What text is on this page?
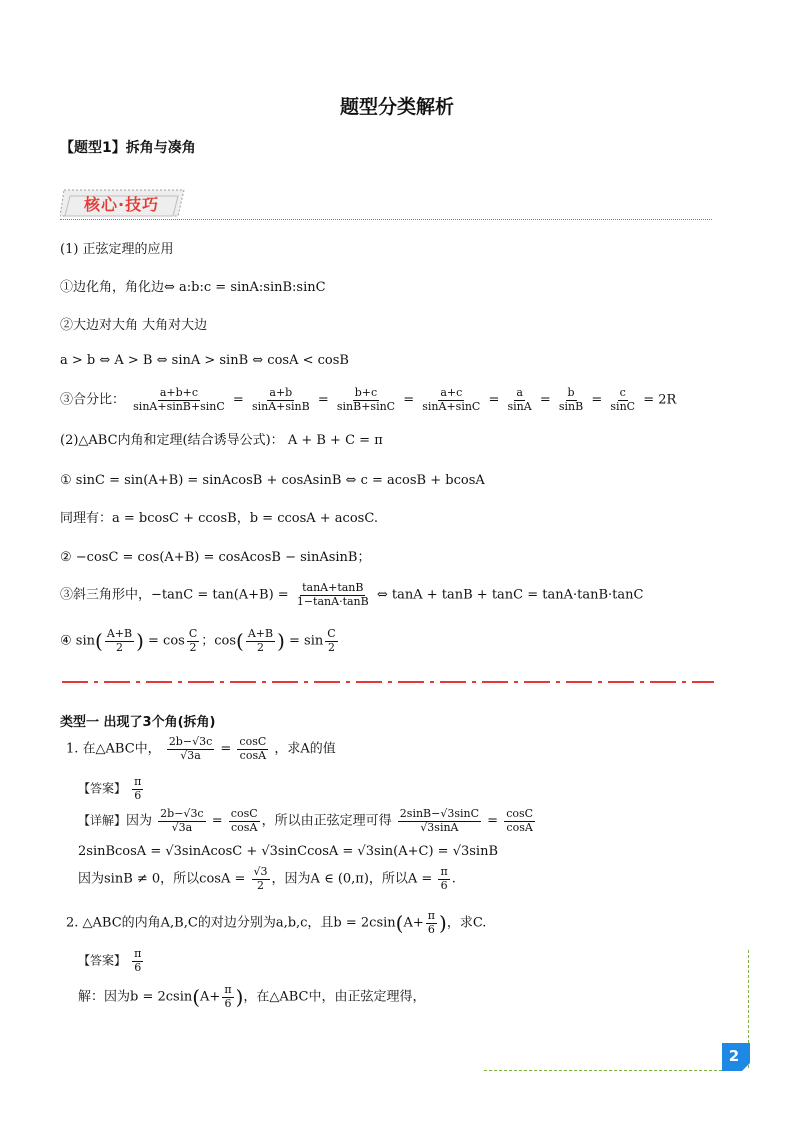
题型分类解析
【题型1】拆角与凑角
核心·技巧
(1) 正弦定理的应用
①边化角，角化边⇔ a:b:c = sinA:sinB:sinC
②大边对大角 大角对大边
a > b ⇔ A > B ⇔ sinA > sinB ⇔ cosA < cosB
③合分比： $\frac{a+b+c}{\sin A+\sin B+\sin C} = \frac{a+b}{\sin A+\sin B} = \frac{b+c}{\sin B+\sin C} = \frac{a+c}{\sin A+\sin C} = \frac{a}{\sin A} = \frac{b}{\sin B} = \frac{c}{\sin C} = 2R$
(2)△ABC内角和定理(结合诱导公式)： A + B + C = π
① sinC = sin(A+B) = sinAcosB + cosAsinB ⇔ c = acosB + bcosA
同理有：a = bcosC + ccosB，b = ccosA + acosC.
② −cosC = cos(A+B) = cosAcosB − sinAsinB；
③斜三角形中，$-\tan C = \tan(A+B) = \frac{\tan A+\tan B}{1-\tan A\cdot\tan B}$ ⇔ tanA + tanB + tanC = tanA·tanB·tanC
④ $\sin( \frac{A+B}{2}$ ) = $\cos \frac{C}{2}$ ；$\cos( \frac{A+B}{2}$ ) = $\sin \frac{C}{2}$
类型一 出现了3个角(拆角)
1. 在△ABC中， $\frac{2b-√3c}{√3a} = \frac{\cos C}{\cos A}$ ，求A的值
【答案】 $\frac{\pi}{6}$
【详解】因为 $\frac{2b-√3c}{√3a} = \frac{\cos C}{\cos A}$ ，所以由正弦定理可得 $\frac{2\sin B-√3\sin C}{√3\sin A} = \frac{\cos C}{\cos A}$
2sinBcosA = √3sinAcosC + √3sinCcosA = √3sin(A+C) = √3sinB
因为sinB ≠ 0，所以$\cos A = \frac{√3}{2}$ ，因为A ∈ (0,π)，所以$A = \frac{\pi}{6}$ .
2. △ABC的内角A,B,C的对边分别为a,b,c，且$b = 2csin(A+ \frac{\pi}{6}$ )，求C.
【答案】 $\frac{\pi}{6}$
解：因为$b = 2csin(A+ \frac{\pi}{6}$ )，在△ABC中，由正弦定理得，
2
